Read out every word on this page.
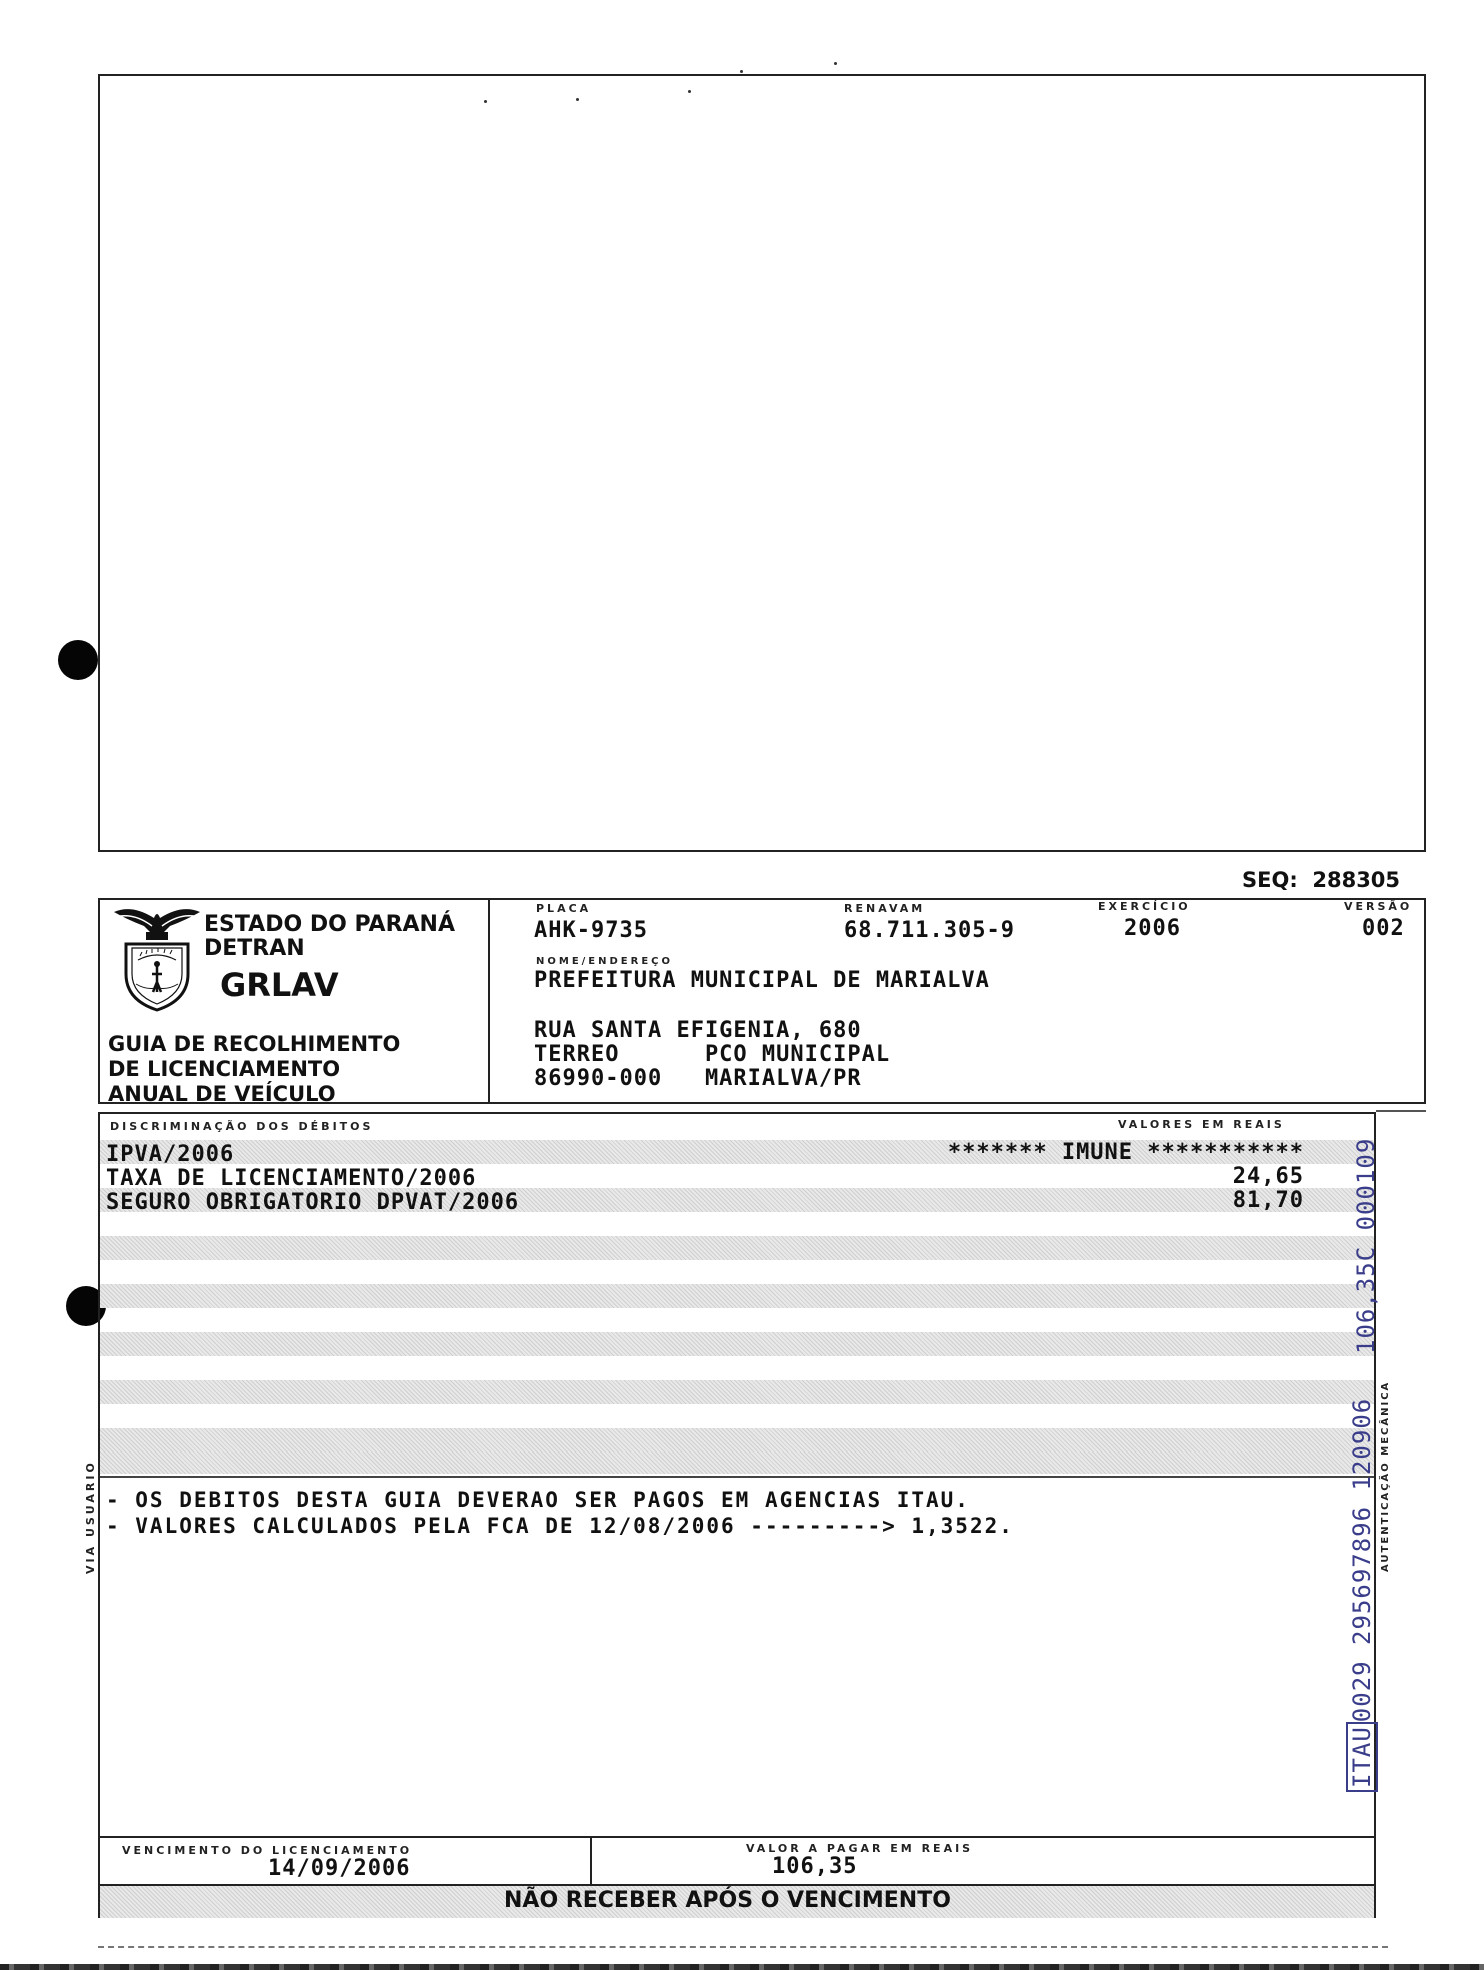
SEQ: 288305
ESTADO DO PARANÁ
DETRAN
GRLAV
GUIA DE RECOLHIMENTO
DE LICENCIAMENTO
ANUAL DE VEÍCULO
PLACA
AHK-9735
RENAVAM
68.711.305-9
EXERCÍCIO
2006
VERSÃO
002
NOME/ENDEREÇO
PREFEITURA MUNICIPAL DE MARIALVA
RUA SANTA EFIGENIA, 680
TERREO      PCO MUNICIPAL
86990-000   MARIALVA/PR
DISCRIMINAÇÃO DOS DÉBITOS	VALORES EM REAIS
IPVA/2006	******* IMUNE ***********
TAXA DE LICENCIAMENTO/2006	24,65
SEGURO OBRIGATORIO DPVAT/2006	81,70
- OS DEBITOS DESTA GUIA DEVERAO SER PAGOS EM AGENCIAS ITAU.
- VALORES CALCULADOS PELA FCA DE 12/08/2006 ---------> 1,3522.
VENCIMENTO DO LICENCIAMENTO
14/09/2006
VALOR A PAGAR EM REAIS
106,35
NÃO RECEBER APÓS O VENCIMENTO
VIA USUARIO	AUTENTICAÇÃO MECÂNICA
106,35C 000109
ITAU0029 295697896 120906
